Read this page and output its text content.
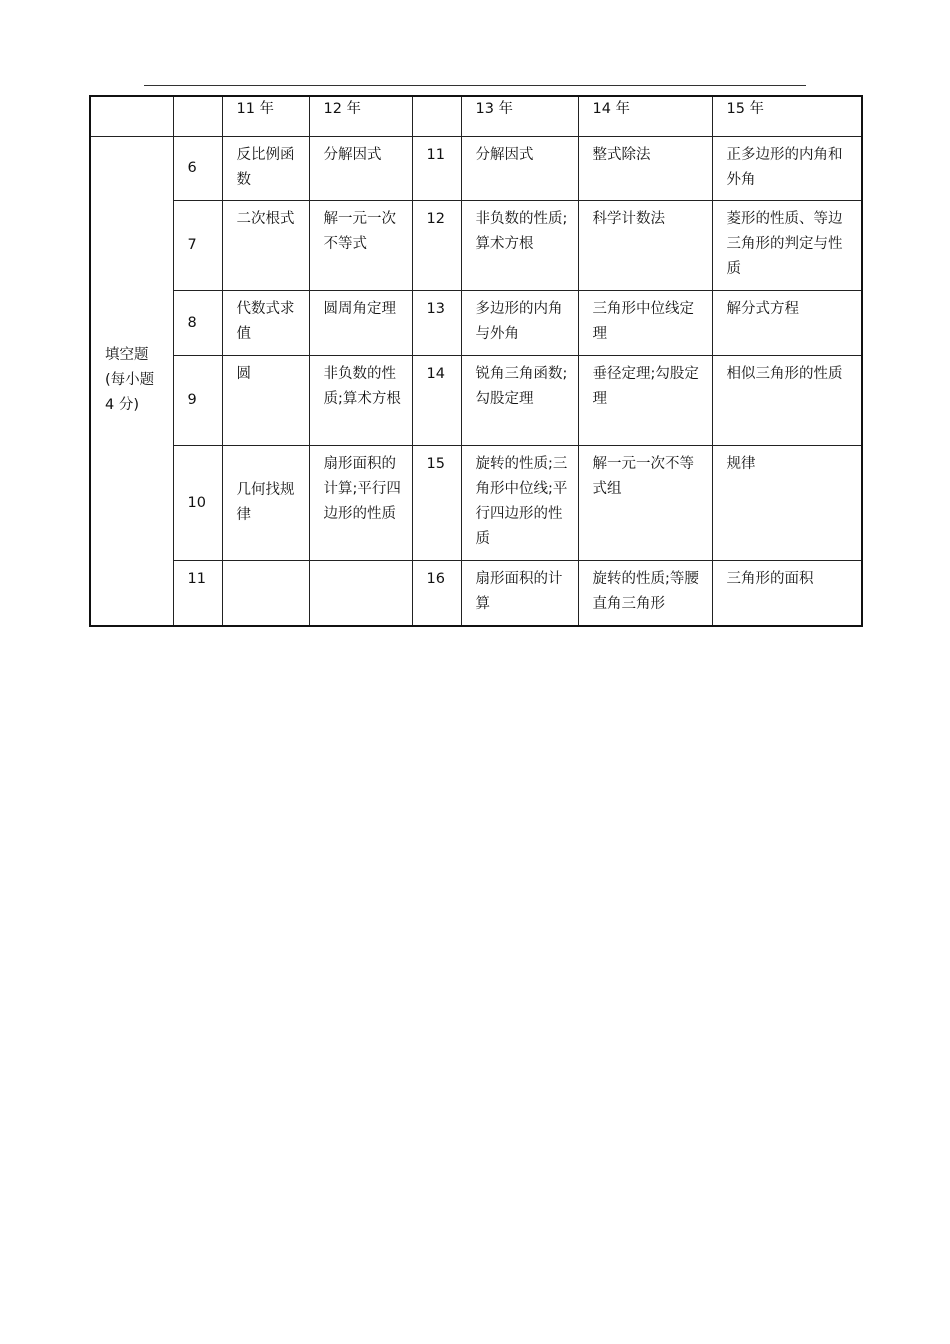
		11 年	12 年		13 年	14 年	15 年

填空题
(每小题
4 分)	6	反比例函数	分解因式	11	分解因式	整式除法	正多边形的内角和外角

	7	二次根式	解一元一次不等式	12	非负数的性质;算术方根	科学计数法	菱形的性质、等边三角形的判定与性质

	8	代数式求值	圆周角定理	13	多边形的内角与外角	三角形中位线定理	解分式方程

	9	圆	非负数的性质;算术方根	14	锐角三角函数;勾股定理	垂径定理;勾股定理	相似三角形的性质

	10	几何找规律	扇形面积的计算;平行四边形的性质	15	旋转的性质;三角形中位线;平行四边形的性质	解一元一次不等式组	规律

	11			16	扇形面积的计算	旋转的性质;等腰直角三角形	三角形的面积
